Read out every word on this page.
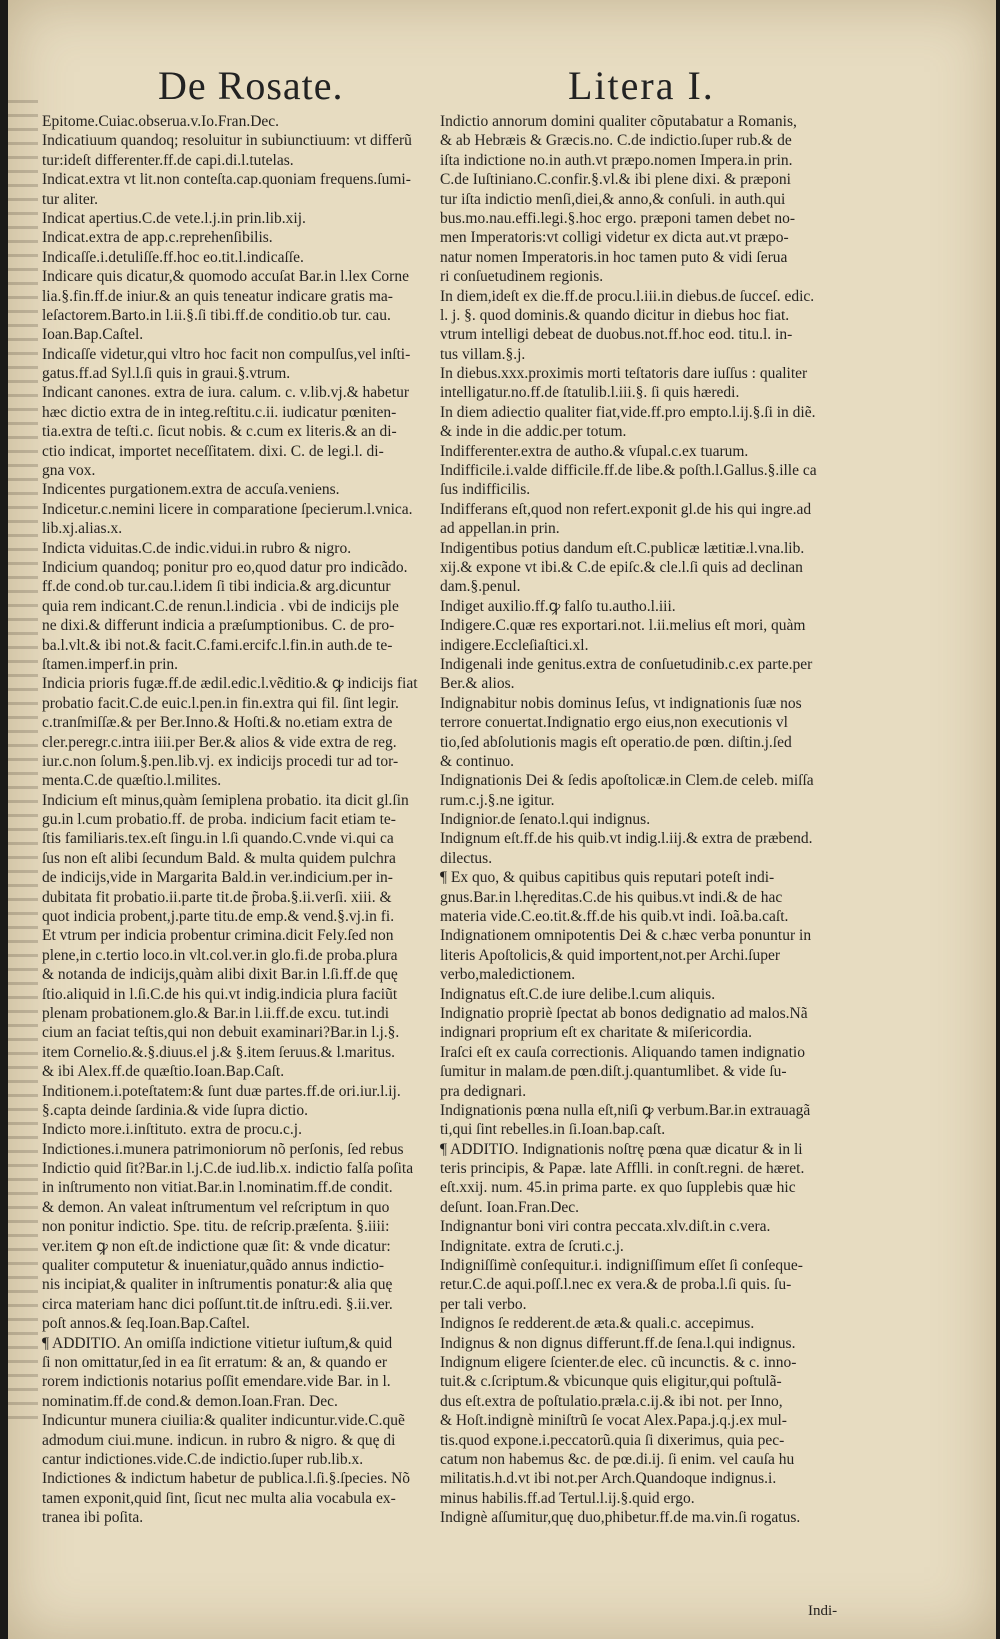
De Rosate.	Litera I.
Epitome.Cuiac.obserua.v.Io.Fran.Dec.
Indicatiuum quandoq; resoluitur in subiunctiuum: vt differũ
tur:ideſt differenter.ff.de capi.di.l.tutelas.
Indicat.extra vt lit.non conteſta.cap.quoniam frequens.ſumi-
tur aliter.
Indicat apertius.C.de vete.l.j.in prin.lib.xij.
Indicat.extra de app.c.reprehenſibilis.
Indicaſſe.i.detuliſſe.ff.hoc eo.tit.l.indicaſſe.
Indicare quis dicatur,& quomodo accuſat Bar.in l.lex Corne
lia.§.fin.ff.de iniur.& an quis teneatur indicare gratis ma-
leſactorem.Barto.in l.ii.§.ſi tibi.ff.de conditio.ob tur. cau.
Ioan.Bap.Caſtel.
Indicaſſe videtur,qui vltro hoc facit non compulſus,vel inſti-
gatus.ff.ad Syl.l.ſi quis in graui.§.vtrum.
Indicant canones. extra de iura. calum. c. v.lib.vj.& habetur
hæc dictio extra de in integ.reſtitu.c.ii. iudicatur pœniten-
tia.extra de teſti.c. ſicut nobis. & c.cum ex literis.& an di-
ctio indicat, importet neceſſitatem. dixi. C. de legi.l. di-
gna vox.
Indicentes purgationem.extra de accuſa.veniens.
Indicetur.c.nemini licere in comparatione ſpecierum.l.vnica.
lib.xj.alias.x.
Indicta viduitas.C.de indic.vidui.in rubro & nigro.
Indicium quandoq; ponitur pro eo,quod datur pro indicãdo.
ff.de cond.ob tur.cau.l.idem ſi tibi indicia.& arg.dicuntur
quia rem indicant.C.de renun.l.indicia . vbi de indicijs ple
ne dixi.& differunt indicia a præſumptionibus. C. de pro-
ba.l.vlt.& ibi not.& facit.C.fami.ercifc.l.fin.in auth.de te-
ſtamen.imperf.in prin.
Indicia prioris fugæ.ff.de ædil.edic.l.vẽditio.& ꝙ indicijs fiat
probatio facit.C.de euic.l.pen.in fin.extra qui fil. ſint legir.
c.tranſmiſſæ.& per Ber.Inno.& Hoſti.& no.etiam extra de
cler.peregr.c.intra iiii.per Ber.& alios & vide extra de reg.
iur.c.non ſolum.§.pen.lib.vj. ex indicijs procedi tur ad tor-
menta.C.de quæſtio.l.milites.
Indicium eſt minus,quàm ſemiplena probatio. ita dicit gl.ſin
gu.in l.cum probatio.ff. de proba. indicium facit etiam te-
ſtis familiaris.tex.eſt ſingu.in l.ſi quando.C.vnde vi.qui ca
ſus non eſt alibi ſecundum Bald. & multa quidem pulchra
de indicijs,vide in Margarita Bald.in ver.indicium.per in-
dubitata fit probatio.ii.parte tit.de p̃roba.§.ii.verſi. xiii. &
quot indicia probent,j.parte titu.de emp.& vend.§.vj.in fi.
Et vtrum per indicia probentur crimina.dicit Fely.ſed non
plene,in c.tertio loco.in vlt.col.ver.in glo.fi.de proba.plura
& notanda de indicijs,quàm alibi dixit Bar.in l.ſi.ff.de quę
ſtio.aliquid in l.ſi.C.de his qui.vt indig.indicia plura faciũt
plenam probationem.glo.& Bar.in l.ii.ff.de excu. tut.indi
cium an faciat teſtis,qui non debuit examinari?Bar.in l.j.§.
item Cornelio.&.§.diuus.el j.& §.item ſeruus.& l.maritus.
& ibi Alex.ff.de quæſtio.Ioan.Bap.Caſt.
Inditionem.i.poteſtatem:& ſunt duæ partes.ff.de ori.iur.l.ij.
§.capta deinde ſardinia.& vide ſupra dictio.
Indicto more.i.inſtituto. extra de procu.c.j.
Indictiones.i.munera patrimoniorum nõ perſonis, ſed rebus
Indictio quid ſit?Bar.in l.j.C.de iud.lib.x. indictio falſa poſita
in inſtrumento non vitiat.Bar.in l.nominatim.ff.de condit.
& demon. An valeat inſtrumentum vel reſcriptum in quo
non ponitur indictio. Spe. titu. de reſcrip.præſenta. §.iiii:
ver.item ꝙ non eſt.de indictione quæ ſit: & vnde dicatur:
qualiter computetur & inueniatur,quãdo annus indictio-
nis incipiat,& qualiter in inſtrumentis ponatur:& alia quę
circa materiam hanc dici poſſunt.tit.de inſtru.edi. §.ii.ver.
poſt annos.& ſeq.Ioan.Bap.Caſtel.
¶ ADDITIO. An omiſſa indictione vitietur iuſtum,& quid
ſi non omittatur,ſed in ea ſit erratum: & an, & quando er
rorem indictionis notarius poſſit emendare.vide Bar. in l.
nominatim.ff.de cond.& demon.Ioan.Fran. Dec.
Indicuntur munera ciuilia:& qualiter indicuntur.vide.C.quẽ
admodum ciui.mune. indicun. in rubro & nigro. & quę di
cantur indictiones.vide.C.de indictio.ſuper rub.lib.x.
Indictiones & indictum habetur de publica.l.ſi.§.ſpecies. Nõ
tamen exponit,quid ſint, ſicut nec multa alia vocabula ex-
tranea ibi poſita.
Indictio annorum domini qualiter cõputabatur a Romanis,
& ab Hebræis & Græcis.no. C.de indictio.ſuper rub.& de
iſta indictione no.in auth.vt præpo.nomen Impera.in prin.
C.de Iuſtiniano.C.confir.§.vl.& ibi plene dixi. & præponi
tur iſta indictio menſi,diei,& anno,& conſuli. in auth.qui
bus.mo.nau.effi.legi.§.hoc ergo. præponi tamen debet no-
men Imperatoris:vt colligi videtur ex dicta aut.vt præpo-
natur nomen Imperatoris.in hoc tamen puto & vidi ſerua
ri conſuetudinem regionis.
In diem,ideſt ex die.ff.de procu.l.iii.in diebus.de ſucceſ. edic.
l. j. §. quod dominis.& quando dicitur in diebus hoc fiat.
vtrum intelligi debeat de duobus.not.ff.hoc eod. titu.l. in-
tus villam.§.j.
In diebus.xxx.proximis morti teſtatoris dare iuſſus : qualiter
intelligatur.no.ff.de ſtatulib.l.iii.§. ſi quis hæredi.
In diem adiectio qualiter fiat,vide.ff.pro empto.l.ij.§.ſi in diẽ.
& inde in die addic.per totum.
Indifferenter.extra de autho.& vſupal.c.ex tuarum.
Indifficile.i.valde difficile.ff.de libe.& poſth.l.Gallus.§.ille ca
ſus indifficilis.
Indifferans eſt,quod non refert.exponit gl.de his qui ingre.ad
ad appellan.in prin.
Indigentibus potius dandum eſt.C.publicæ lætitiæ.l.vna.lib.
xij.& expone vt ibi.& C.de epiſc.& cle.l.ſi quis ad declinan
dam.§.penul.
Indiget auxilio.ff.ꝙ falſo tu.autho.l.iii.
Indigere.C.quæ res exportari.not. l.ii.melius eſt mori, quàm
indigere.Eccleſiaſtici.xl.
Indigenali inde genitus.extra de conſuetudinib.c.ex parte.per
Ber.& alios.
Indignabitur nobis dominus Ieſus, vt indignationis ſuæ nos
terrore conuertat.Indignatio ergo eius,non executionis vl
tio,ſed abſolutionis magis eſt operatio.de pœn. diſtin.j.ſed
& continuo.
Indignationis Dei & ſedis apoſtolicæ.in Clem.de celeb. miſſa
rum.c.j.§.ne igitur.
Indignior.de ſenato.l.qui indignus.
Indignum eſt.ff.de his quib.vt indig.l.iij.& extra de præbend.
dilectus.
¶ Ex quo, & quibus capitibus quis reputari poteſt indi-
gnus.Bar.in l.hęreditas.C.de his quibus.vt indi.& de hac
materia vide.C.eo.tit.&.ff.de his quib.vt indi. Ioã.ba.caſt.
Indignationem omnipotentis Dei & c.hæc verba ponuntur in
literis Apoſtolicis,& quid importent,not.per Archi.ſuper
verbo,maledictionem.
Indignatus eſt.C.de iure delibe.l.cum aliquis.
Indignatio propriè ſpectat ab bonos dedignatio ad malos.Nã
indignari proprium eſt ex charitate & miſericordia.
Iraſci eſt ex cauſa correctionis. Aliquando tamen indignatio
ſumitur in malam.de pœn.diſt.j.quantumlibet. & vide ſu-
pra dedignari.
Indignationis pœna nulla eſt,niſi ꝙ verbum.Bar.in extrauagã
ti,qui ſint rebelles.in ſi.Ioan.bap.caſt.
¶ ADDITIO. Indignationis noſtrę pœna quæ dicatur & in li
teris principis, & Papæ. late Afflli. in conſt.regni. de hæret.
eſt.xxij. num. 45.in prima parte. ex quo ſupplebis quæ hic
deſunt. Ioan.Fran.Dec.
Indignantur boni viri contra peccata.xlv.diſt.in c.vera.
Indignitate. extra de ſcruti.c.j.
Indigniſſimè conſequitur.i. indigniſſimum eſſet ſi conſeque-
retur.C.de aqui.poſſ.l.nec ex vera.& de proba.l.ſi quis. ſu-
per tali verbo.
Indignos ſe redderent.de æta.& quali.c. accepimus.
Indignus & non dignus differunt.ff.de ſena.l.qui indignus.
Indignum eligere ſcienter.de elec. cũ incunctis. & c. inno-
tuit.& c.ſcriptum.& vbicunque quis eligitur,qui poſtulã-
dus eſt.extra de poſtulatio.præla.c.ij.& ibi not. per Inno,
& Hoſt.indignè miniſtrũ ſe vocat Alex.Papa.j.q.j.ex mul-
tis.quod expone.i.peccatorũ.quia ſi dixerimus, quia pec-
catum non habemus &c. de pœ.di.ij. ſi enim. vel cauſa hu
militatis.h.d.vt ibi not.per Arch.Quandoque indignus.i.
minus habilis.ff.ad Tertul.l.ij.§.quid ergo.
Indignè aſſumitur,quę duo,phibetur.ff.de ma.vin.ſi rogatus.
Indi-
